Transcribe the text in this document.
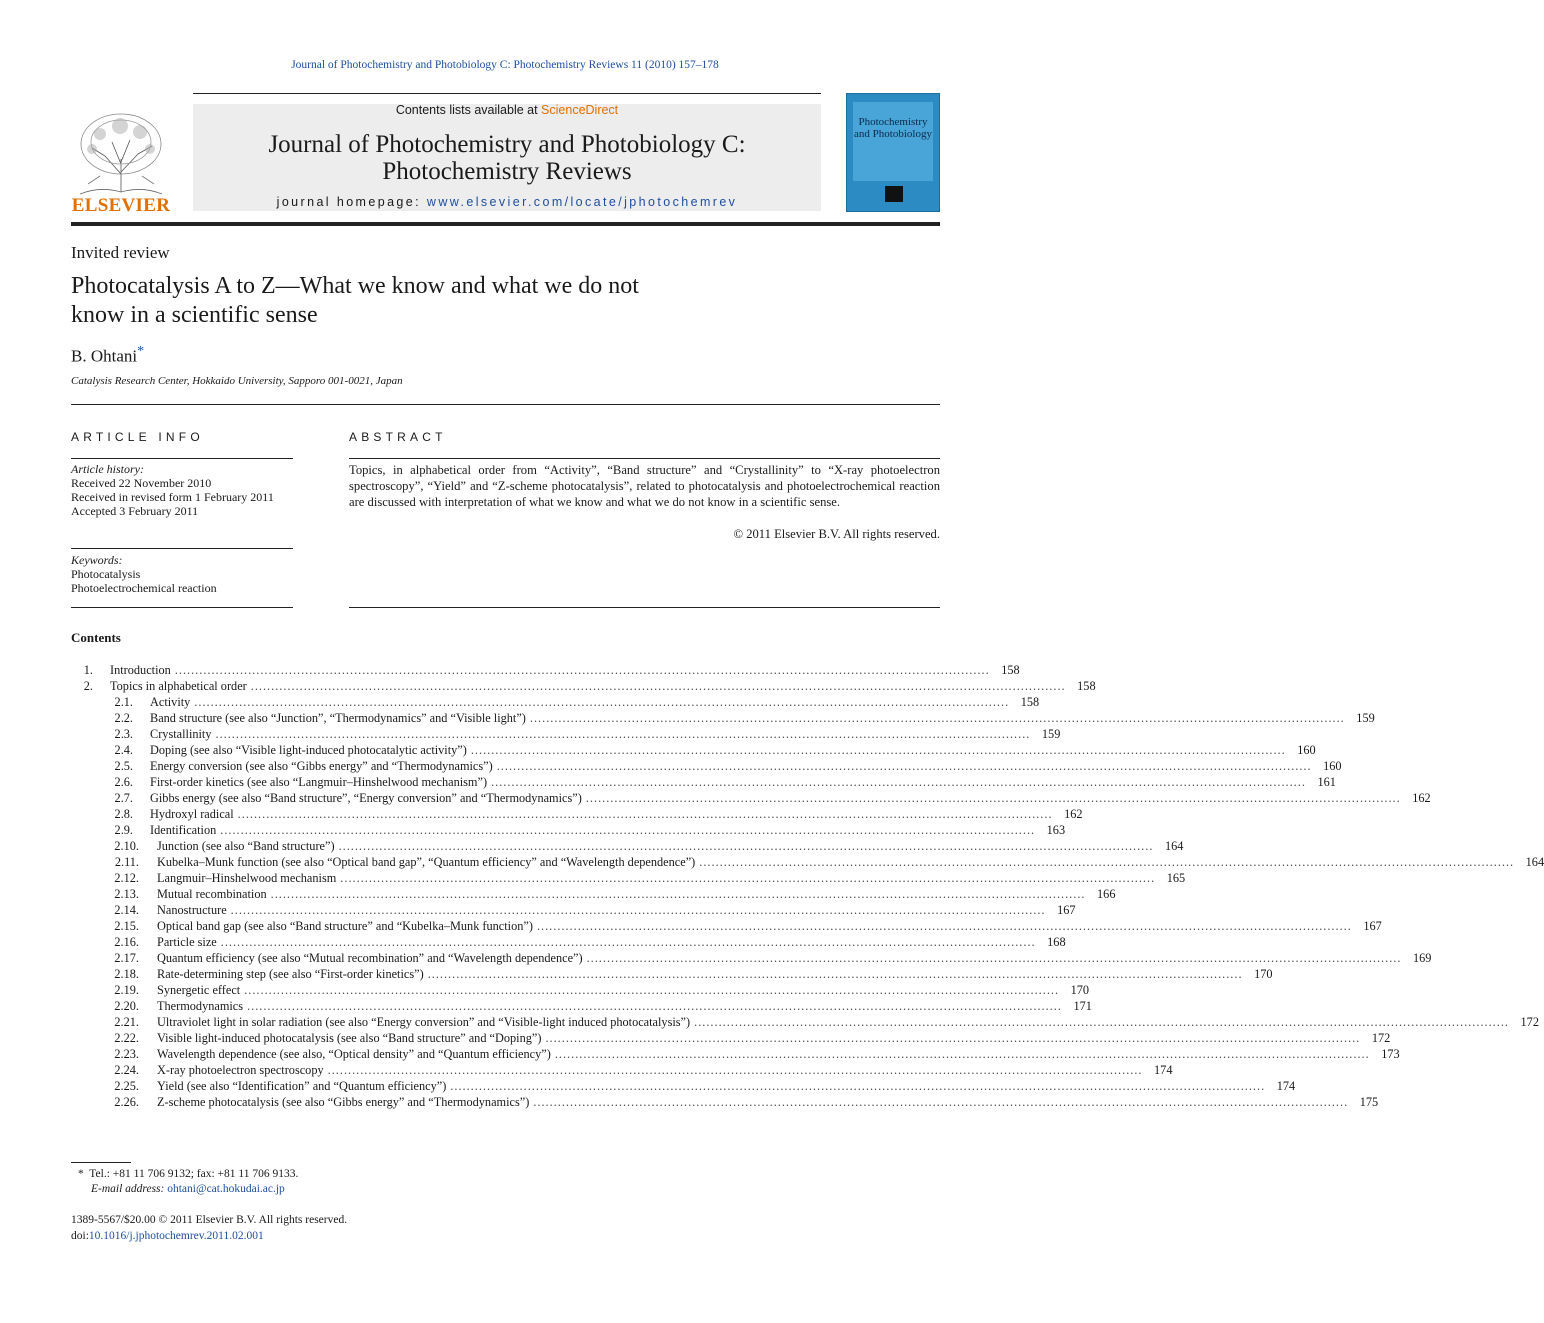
Journal of Photochemistry and Photobiology C: Photochemistry Reviews 11 (2010) 157–178
ELSEVIER
Contents lists available at ScienceDirect
Journal of Photochemistry and Photobiology C:
Photochemistry Reviews
journal homepage: www.elsevier.com/locate/jphotochemrev
Photochemistry and Photobiology
Invited review
Photocatalysis A to Z—What we know and what we do not
know in a scientific sense
B. Ohtani*
Catalysis Research Center, Hokkaido University, Sapporo 001-0021, Japan
ARTICLE INFO
Article history:
Received 22 November 2010
Received in revised form 1 February 2011
Accepted 3 February 2011
Keywords:
Photocatalysis
Photoelectrochemical reaction
ABSTRACT
Topics, in alphabetical order from “Activity”, “Band structure” and “Crystallinity” to “X-ray photoelectron spectroscopy”, “Yield” and “Z-scheme photocatalysis”, related to photocatalysis and photoelectrochemical reaction are discussed with interpretation of what we know and what we do not know in a scientific sense.
© 2011 Elsevier B.V. All rights reserved.
Contents
1. Introduction ........................................................................................................................................................................................................ 158
2. Topics in alphabetical order ........................................................................................................................................................................................................ 158
2.1. Activity ........................................................................................................................................................................................................ 158
2.2. Band structure (see also “Junction”, “Thermodynamics” and “Visible light”) ........................................................................................................................................................................................................ 159
2.3. Crystallinity ........................................................................................................................................................................................................ 159
2.4. Doping (see also “Visible light-induced photocatalytic activity”) ........................................................................................................................................................................................................ 160
2.5. Energy conversion (see also “Gibbs energy” and “Thermodynamics”) ........................................................................................................................................................................................................ 160
2.6. First-order kinetics (see also “Langmuir–Hinshelwood mechanism”) ........................................................................................................................................................................................................ 161
2.7. Gibbs energy (see also “Band structure”, “Energy conversion” and “Thermodynamics”) ........................................................................................................................................................................................................ 162
2.8. Hydroxyl radical ........................................................................................................................................................................................................ 162
2.9. Identification ........................................................................................................................................................................................................ 163
2.10. Junction (see also “Band structure”) ........................................................................................................................................................................................................ 164
2.11. Kubelka–Munk function (see also “Optical band gap”, “Quantum efficiency” and “Wavelength dependence”) ........................................................................................................................................................................................................ 164
2.12. Langmuir–Hinshelwood mechanism ........................................................................................................................................................................................................ 165
2.13. Mutual recombination ........................................................................................................................................................................................................ 166
2.14. Nanostructure ........................................................................................................................................................................................................ 167
2.15. Optical band gap (see also “Band structure” and “Kubelka–Munk function”) ........................................................................................................................................................................................................ 167
2.16. Particle size ........................................................................................................................................................................................................ 168
2.17. Quantum efficiency (see also “Mutual recombination” and “Wavelength dependence”) ........................................................................................................................................................................................................ 169
2.18. Rate-determining step (see also “First-order kinetics”) ........................................................................................................................................................................................................ 170
2.19. Synergetic effect ........................................................................................................................................................................................................ 170
2.20. Thermodynamics ........................................................................................................................................................................................................ 171
2.21. Ultraviolet light in solar radiation (see also “Energy conversion” and “Visible-light induced photocatalysis”) ........................................................................................................................................................................................................ 172
2.22. Visible light-induced photocatalysis (see also “Band structure” and “Doping”) ........................................................................................................................................................................................................ 172
2.23. Wavelength dependence (see also, “Optical density” and “Quantum efficiency”) ........................................................................................................................................................................................................ 173
2.24. X-ray photoelectron spectroscopy ........................................................................................................................................................................................................ 174
2.25. Yield (see also “Identification” and “Quantum efficiency”) ........................................................................................................................................................................................................ 174
2.26. Z-scheme photocatalysis (see also “Gibbs energy” and “Thermodynamics”) ........................................................................................................................................................................................................ 175
* Tel.: +81 11 706 9132; fax: +81 11 706 9133.
E-mail address: ohtani@cat.hokudai.ac.jp
1389-5567/$20.00 © 2011 Elsevier B.V. All rights reserved.
doi:10.1016/j.jphotochemrev.2011.02.001
